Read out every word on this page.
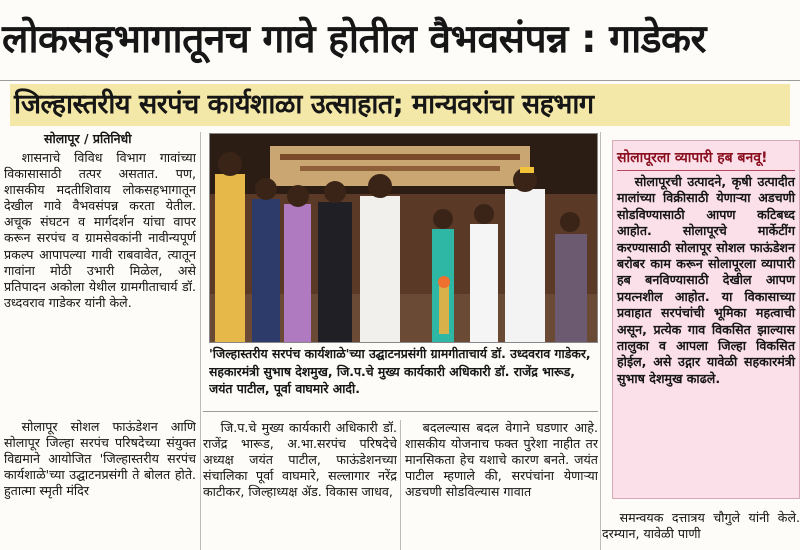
लोकसहभागातूनच गावे होतील वैभवसंपन्न : गाडेकर
जिल्हास्तरीय सरपंच कार्यशाळा उत्साहात; मान्यवरांचा सहभाग
सोलापूर / प्रतिनिधी

शासनाचे विविध विभाग गावांच्या विकासासाठी तत्पर असतात. पण, शासकीय मदतीशिवाय लोकसहभागातून देखील गावे वैभवसंपन्न करता येतील. अचूक संघटन व मार्गदर्शन यांचा वापर करून सरपंच व ग्रामसेवकांनी नावीन्यपूर्ण प्रकल्प आपापल्या गावी राबवावेत, त्यातून गावांना मोठी उभारी मिळेल, असे प्रतिपादन अकोला येथील ग्रामगीताचार्य डॉ. उध्दवराव गाडेकर यांनी केले.

सोलापूर सोशल फाऊंडेशन आणि सोलापूर जिल्हा सरपंच परिषदेच्या संयुक्त विद्यमाने आयोजित 'जिल्हास्तरीय सरपंच कार्यशाळे'च्या उद्घाटनप्रसंगी ते बोलत होते. हुतात्मा स्मृती मंदिर

'जिल्हास्तरीय सरपंच कार्यशाळे'च्या उद्घाटनप्रसंगी ग्रामगीताचार्य डॉ. उध्दवराव गाडेकर, सहकारमंत्री सुभाष देशमुख, जि.प.चे मुख्य कार्यकारी अधिकारी डॉ. राजेंद्र भारूड, जयंत पाटील, पूर्वा वाघमारे आदी.

जि.प.चे मुख्य कार्यकारी अधिकारी डॉ. राजेंद्र भारूड, अ.भा.सरपंच परिषदेचे अध्यक्ष जयंत पाटील, फाऊंडेशनच्या संचालिका पूर्वा वाघमारे, सल्लागार नरेंद्र काटीकर, जिल्हाध्यक्ष ॲड. विकास जाधव,

बदलल्यास बदल वेगाने घडणार आहे. शासकीय योजनाच फक्त पुरेशा नाहीत तर मानसिकता हेच यशाचे कारण बनते. जयंत पाटील म्हणाले की, सरपंचांना येणाऱ्या अडचणी सोडविल्यास गावात

सोलापूरला व्यापारी हब बनवू!

सोलापूरची उत्पादने, कृषी उत्पादीत मालांच्या विक्रीसाठी येणाऱ्या अडचणी सोडविण्यासाठी आपण कटिबध्द आहोत. सोलापूरचे मार्केटींग करण्यासाठी सोलापूर सोशल फाऊंडेशन बरोबर काम करून सोलापूरला व्यापारी हब बनविण्यासाठी देखील आपण प्रयत्नशील आहोत. या विकासाच्या प्रवाहात सरपंचांची भूमिका महत्वाची असून, प्रत्येक गाव विकसित झाल्यास तालुका व आपला जिल्हा विकसित होईल, असे उद्गार यावेळी सहकारमंत्री सुभाष देशमुख काढले.

समन्वयक दत्तात्रय चौगुले यांनी केले. दरम्यान, यावेळी पाणी
